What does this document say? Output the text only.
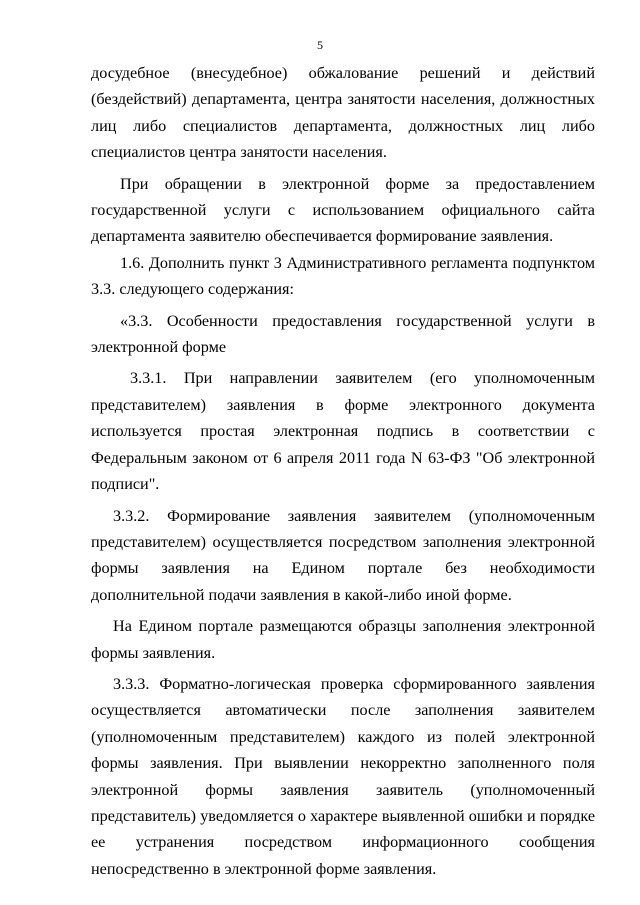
5

досудебное (внесудебное) обжалование решений и действий (бездействий) департамента, центра занятости населения, должностных лиц либо специалистов департамента, должностных лиц либо специалистов центра занятости населения.

При обращении в электронной форме за предоставлением государственной услуги с использованием официального сайта департамента заявителю обеспечивается формирование заявления.

1.6. Дополнить пункт 3 Административного регламента подпунктом 3.3. следующего содержания:

«3.3. Особенности предоставления государственной услуги в электронной форме

3.3.1. При направлении заявителем (его уполномоченным представителем) заявления в форме электронного документа используется простая электронная подпись в соответствии с Федеральным законом от 6 апреля 2011 года N 63-ФЗ "Об электронной подписи".

3.3.2. Формирование заявления заявителем (уполномоченным представителем) осуществляется посредством заполнения электронной формы заявления на Едином портале без необходимости дополнительной подачи заявления в какой-либо иной форме.

На Едином портале размещаются образцы заполнения электронной формы заявления.

3.3.3. Форматно-логическая проверка сформированного заявления осуществляется автоматически после заполнения заявителем (уполномоченным представителем) каждого из полей электронной формы заявления. При выявлении некорректно заполненного поля электронной формы заявления заявитель (уполномоченный представитель) уведомляется о характере выявленной ошибки и порядке ее устранения посредством информационного сообщения непосредственно в электронной форме заявления.
